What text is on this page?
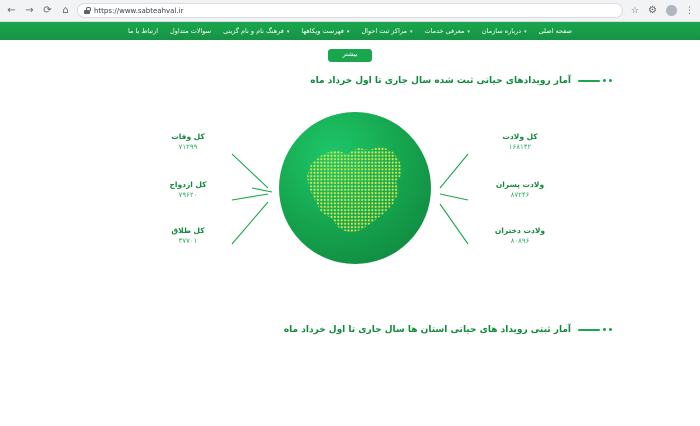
← → ⟳ ⌂	https://www.sabteahval.ir	☆ ⚙	⋮
صفحه اصلی
▾
درباره سازمان
▾
معرفی خدمات
▾
مراکز ثبت احوال
▾
فهرست ویکاهها
▾
فرهنگ نام و نام گزینی
سوالات متداول
ارتباط با ما
بیشتر
آمار رویدادهای حیاتی ثبت شده سال جاری تا اول خرداد ماه
کل وفات
۷۱۲۹۹
کل ازدواج
۷۹۶۲۰
کل طلاق
۳۷۷۰۱
کل ولادت
۱۶۸۱۴۲
ولادت پسران
۸۷۲۴۶
ولادت دختران
۸۰۸۹۶
آمار ثبتی رویداد های حیاتی استان ها سال جاری تا اول خرداد ماه
